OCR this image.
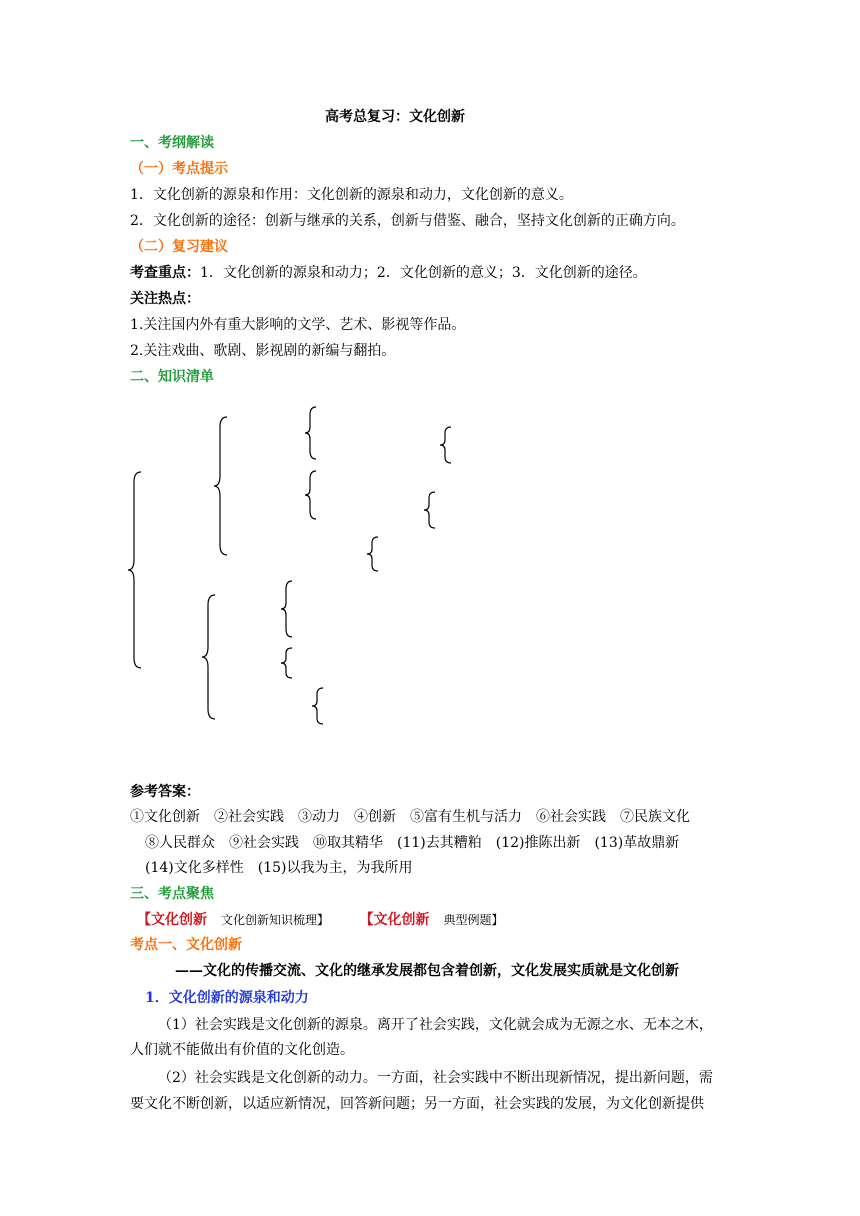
高考总复习：文化创新
一、考纲解读
（一）考点提示
1．文化创新的源泉和作用：文化创新的源泉和动力，文化创新的意义。
2．文化创新的途径：创新与继承的关系，创新与借鉴、融合，坚持文化创新的正确方向。
（二）复习建议
考查重点：1．文化创新的源泉和动力；2．文化创新的意义；3．文化创新的途径。
关注热点：
1.关注国内外有重大影响的文学、艺术、影视等作品。
2.关注戏曲、歌剧、影视剧的新编与翻拍。
二、知识清单
参考答案：
①文化创新　②社会实践　③动力　④创新　⑤富有生机与活力　⑥社会实践　⑦民族文化
⑧人民群众　⑨社会实践　⑩取其精华　(11)去其糟粕　(12)推陈出新　(13)革故鼎新
(14)文化多样性　(15)以我为主，为我所用
三、考点聚焦
【文化创新 文化创新知识梳理】 【文化创新 典型例题】
考点一、文化创新
——文化的传播交流、文化的继承发展都包含着创新，文化发展实质就是文化创新
1．文化创新的源泉和动力
（1）社会实践是文化创新的源泉。离开了社会实践，文化就会成为无源之水、无本之木，
人们就不能做出有价值的文化创造。
（2）社会实践是文化创新的动力。一方面，社会实践中不断出现新情况，提出新问题，需
要文化不断创新，以适应新情况，回答新问题；另一方面，社会实践的发展，为文化创新提供
